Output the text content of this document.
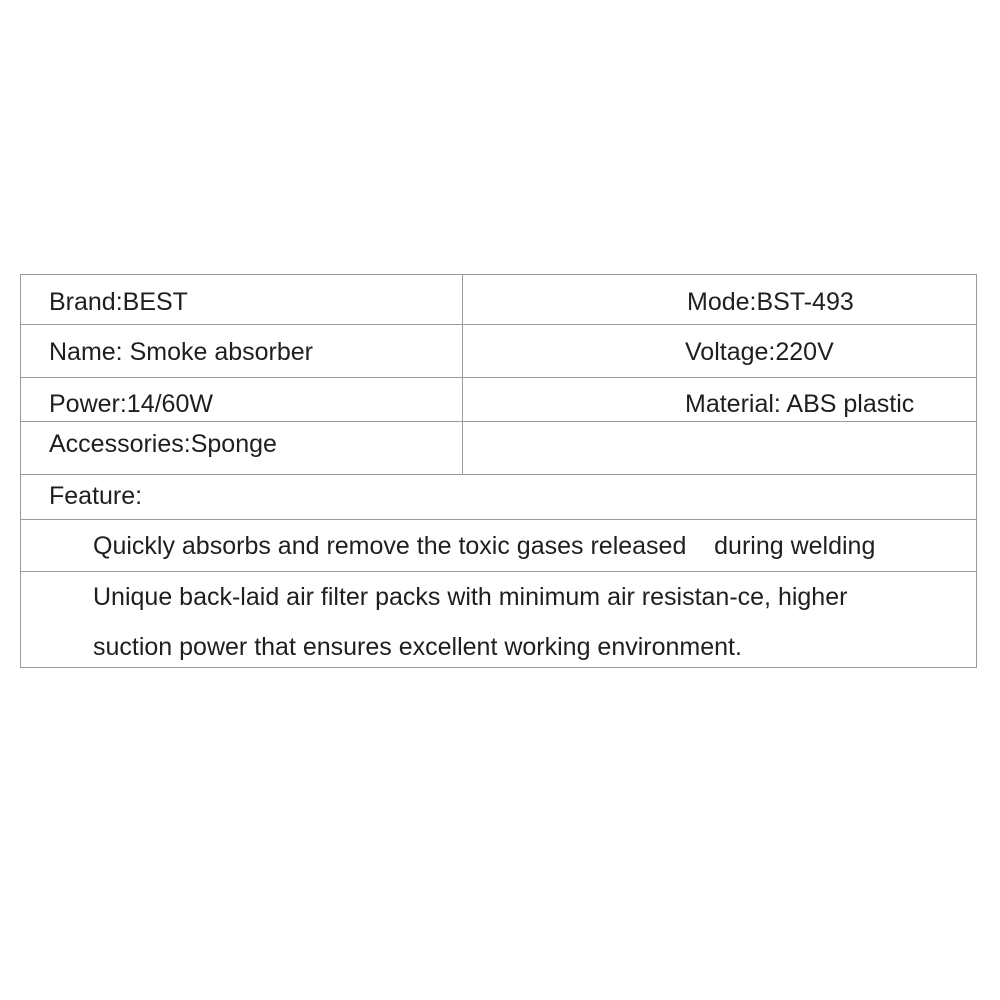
Brand:BEST	Mode:BST-493
Name: Smoke absorber	Voltage:220V
Power:14/60W	Material: ABS plastic
Accessories:Sponge
Feature:
Quickly absorbs and remove the toxic gases released    during welding
Unique back-laid air filter packs with minimum air resistan-ce, higher
suction power that ensures excellent working environment.
